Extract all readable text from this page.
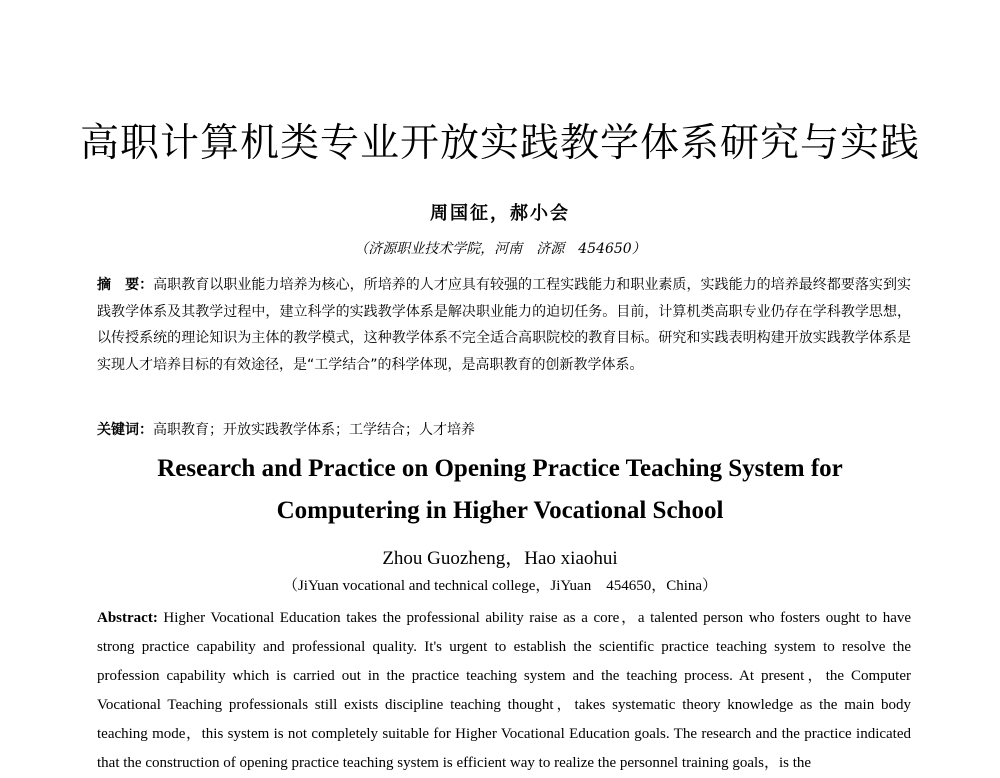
高职计算机类专业开放实践教学体系研究与实践
周国征，郝小会
（济源职业技术学院，河南　济源　454650）
摘　要：高职教育以职业能力培养为核心，所培养的人才应具有较强的工程实践能力和职业素质，实践能力的培养最终都要落实到实践教学体系及其教学过程中，建立科学的实践教学体系是解决职业能力的迫切任务。目前，计算机类高职专业仍存在学科教学思想，以传授系统的理论知识为主体的教学模式，这种教学体系不完全适合高职院校的教育目标。研究和实践表明构建开放实践教学体系是实现人才培养目标的有效途径，是“工学结合”的科学体现，是高职教育的创新教学体系。
关键词：高职教育；开放实践教学体系；工学结合；人才培养
Research and Practice on Opening Practice Teaching System for
Computering in Higher Vocational School
Zhou Guozheng，Hao xiaohui
（JiYuan vocational and technical college，JiYuan　454650，China）
Abstract: Higher Vocational Education takes the professional ability raise as a core，a talented person who fosters ought to have strong practice capability and professional quality. It's urgent to establish the scientific practice teaching system to resolve the profession capability which is carried out in the practice teaching system and the teaching process. At present，the Computer Vocational Teaching professionals still exists discipline teaching thought，takes systematic theory knowledge as the main body teaching mode，this system is not completely suitable for Higher Vocational Education goals. The research and the practice indicated that the construction of opening practice teaching system is efficient way to realize the personnel training goals，is the
